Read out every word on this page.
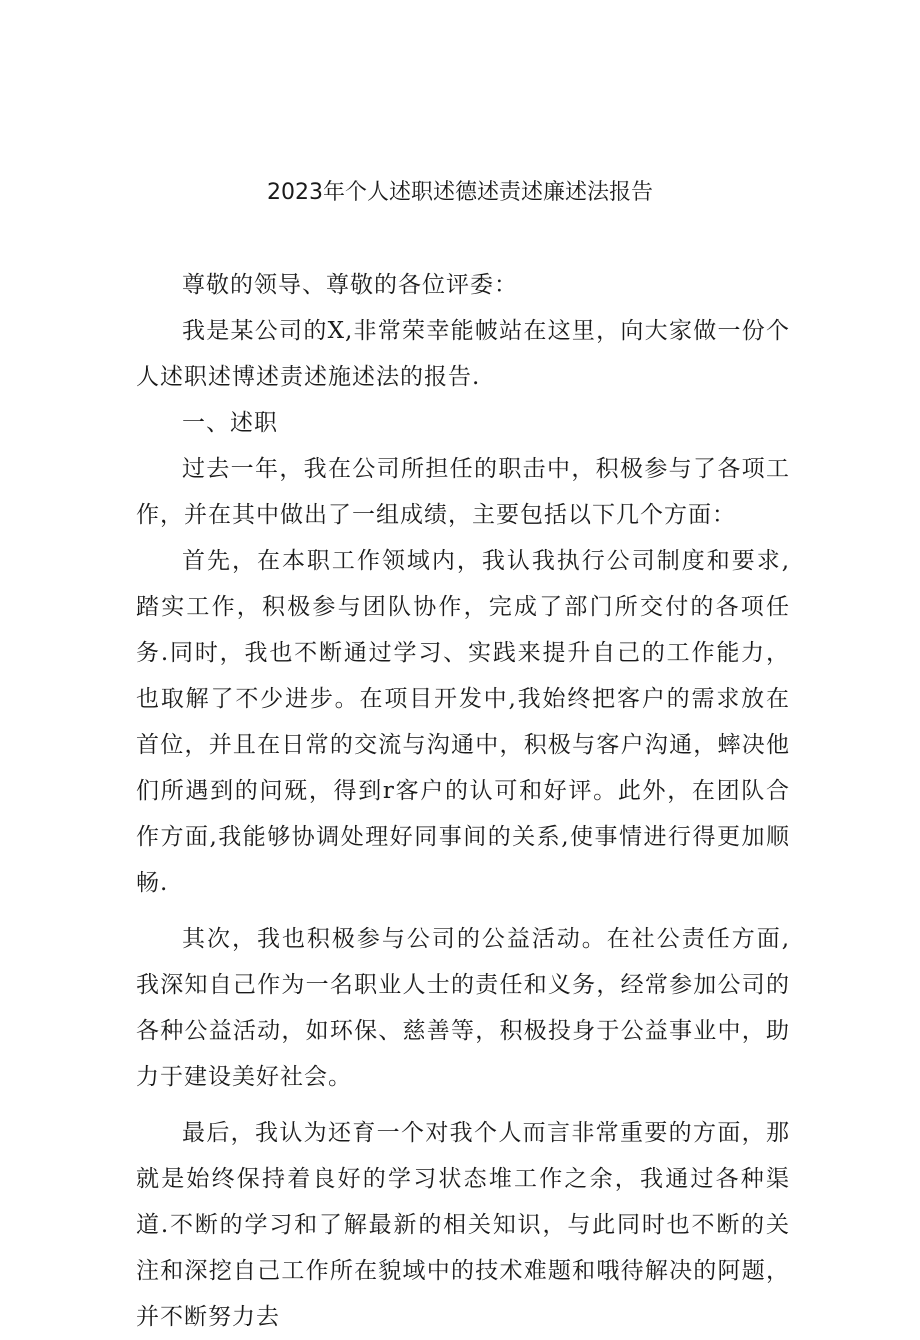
2023年个人述职述德述责述廉述法报告

尊敬的领导、尊敬的各位评委：

我是某公司的X,非常荣幸能帔站在这里，向大家做一份个人述职述博述责述施述法的报告.

一、述职

过去一年，我在公司所担任的职击中，积极参与了各项工作，并在其中做出了一组成绩，主要包括以下几个方面：

首先，在本职工作领域内，我认我执行公司制度和要求,踏实工作，积极参与团队协作，完成了部门所交付的各项任务.同时，我也不断通过学习、实践来提升自己的工作能力，也取解了不少进步。在项目开发中,我始终把客户的需求放在首位，并且在日常的交流与沟通中，积极与客户沟通，蟀决他们所遇到的问兓，得到r客户的认可和好评。此外，在团队合作方面,我能够协调处理好同事间的关系,使事情进行得更加顺畅.

其次，我也积极参与公司的公益活动。在社公责任方面,我深知自己作为一名职业人士的责任和义务，经常参加公司的各种公益活动，如环保、慈善等，积极投身于公益事业中，助力于建设美好社会。

最后，我认为还育一个对我个人而言非常重要的方面，那就是始终保持着良好的学习状态堆工作之余，我通过各种渠道.不断的学习和了解最新的相关知识，与此同时也不断的关注和深挖自己工作所在貌域中的技术难题和哦待解决的阿题，并不断努力去
